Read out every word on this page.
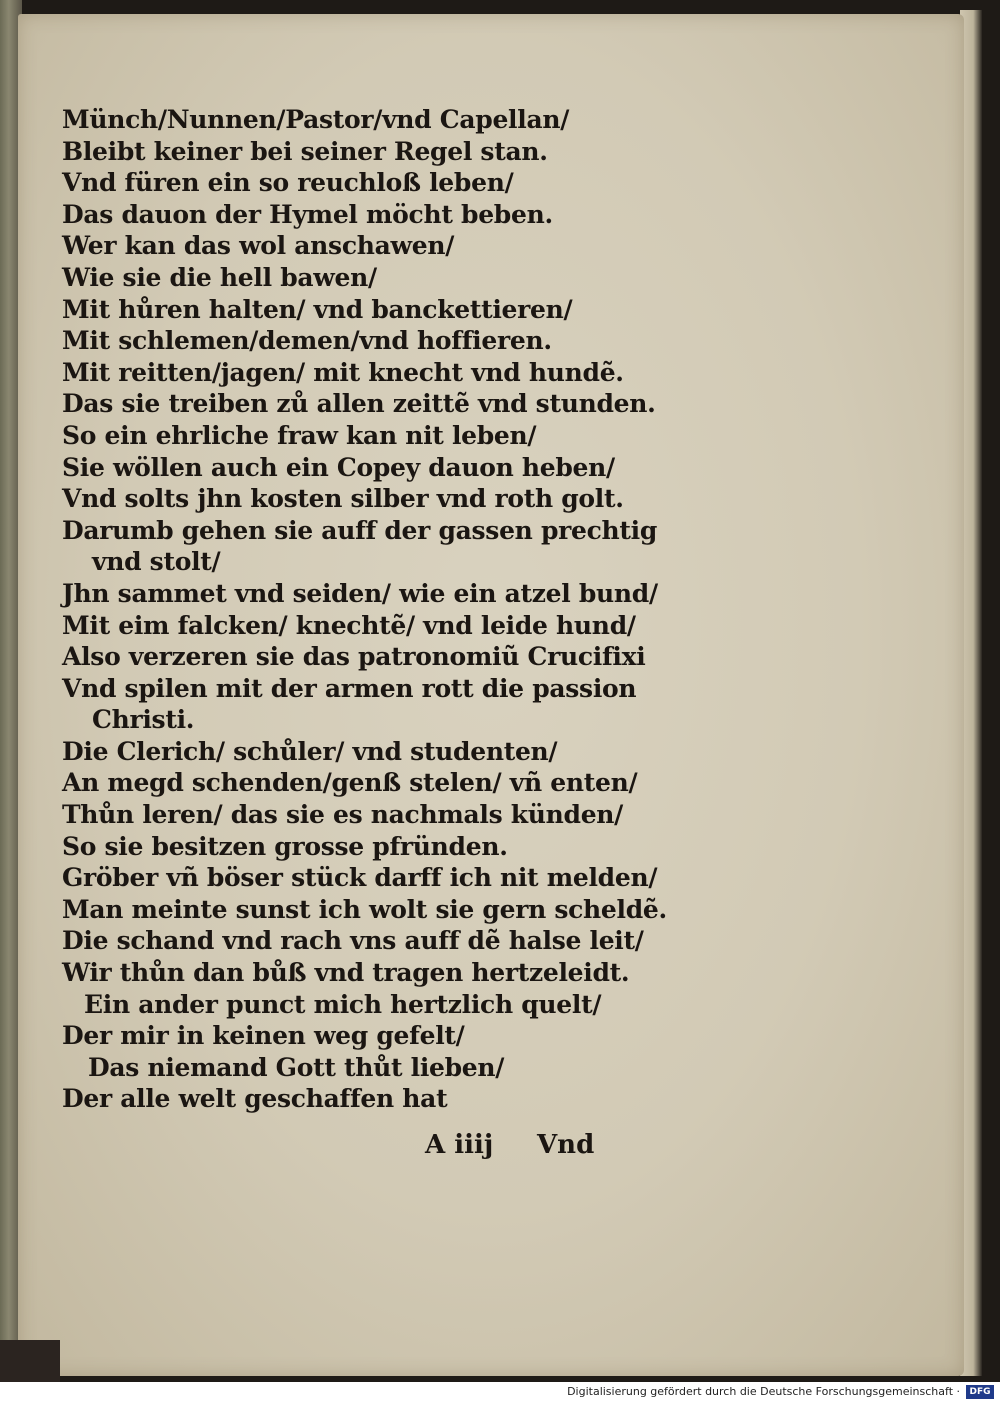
Münch/Nunnen/Pastor/vnd Capellan/
Bleibt keiner bei seiner Regel stan.
Vnd füren ein so reuchloß leben/
Das dauon der Hymel möcht beben.
Wer kan das wol anschawen/
Wie sie die hell bawen/
Mit hůren halten/ vnd banckettieren/
Mit schlemen/demen/vnd hoffieren.
Mit reitten/jagen/ mit knecht vnd hundẽ.
Das sie treiben zů allen zeittẽ vnd stunden.
So ein ehrliche fraw kan nit leben/
Sie wöllen auch ein Copey dauon heben/
Vnd solts jhn kosten silber vnd roth golt.
Darumb gehen sie auff der gassen prechtig
vnd stolt/
Jhn sammet vnd seiden/ wie ein atzel bund/
Mit eim falcken/ knechtẽ/ vnd leide hund/
Also verzeren sie das patronomiũ Crucifixi
Vnd spilen mit der armen rott die passion
Christi.
Die Clerich/ schůler/ vnd studenten/
An megd schenden/genß stelen/ vñ enten/
Thůn leren/ das sie es nachmals künden/
So sie besitzen grosse pfründen.
Gröber vñ böser stück darff ich nit melden/
Man meinte sunst ich wolt sie gern scheldẽ.
Die schand vnd rach vns auff dẽ halse leit/
Wir thůn dan bůß vnd tragen hertzeleidt.
Ein ander punct mich hertzlich quelt/
Der mir in keinen weg gefelt/
Das niemand Gott thůt lieben/
Der alle welt geschaffen hat
A iiij Vnd
Digitalisierung gefördert durch die Deutsche Forschungsgemeinschaft ·	DFG
